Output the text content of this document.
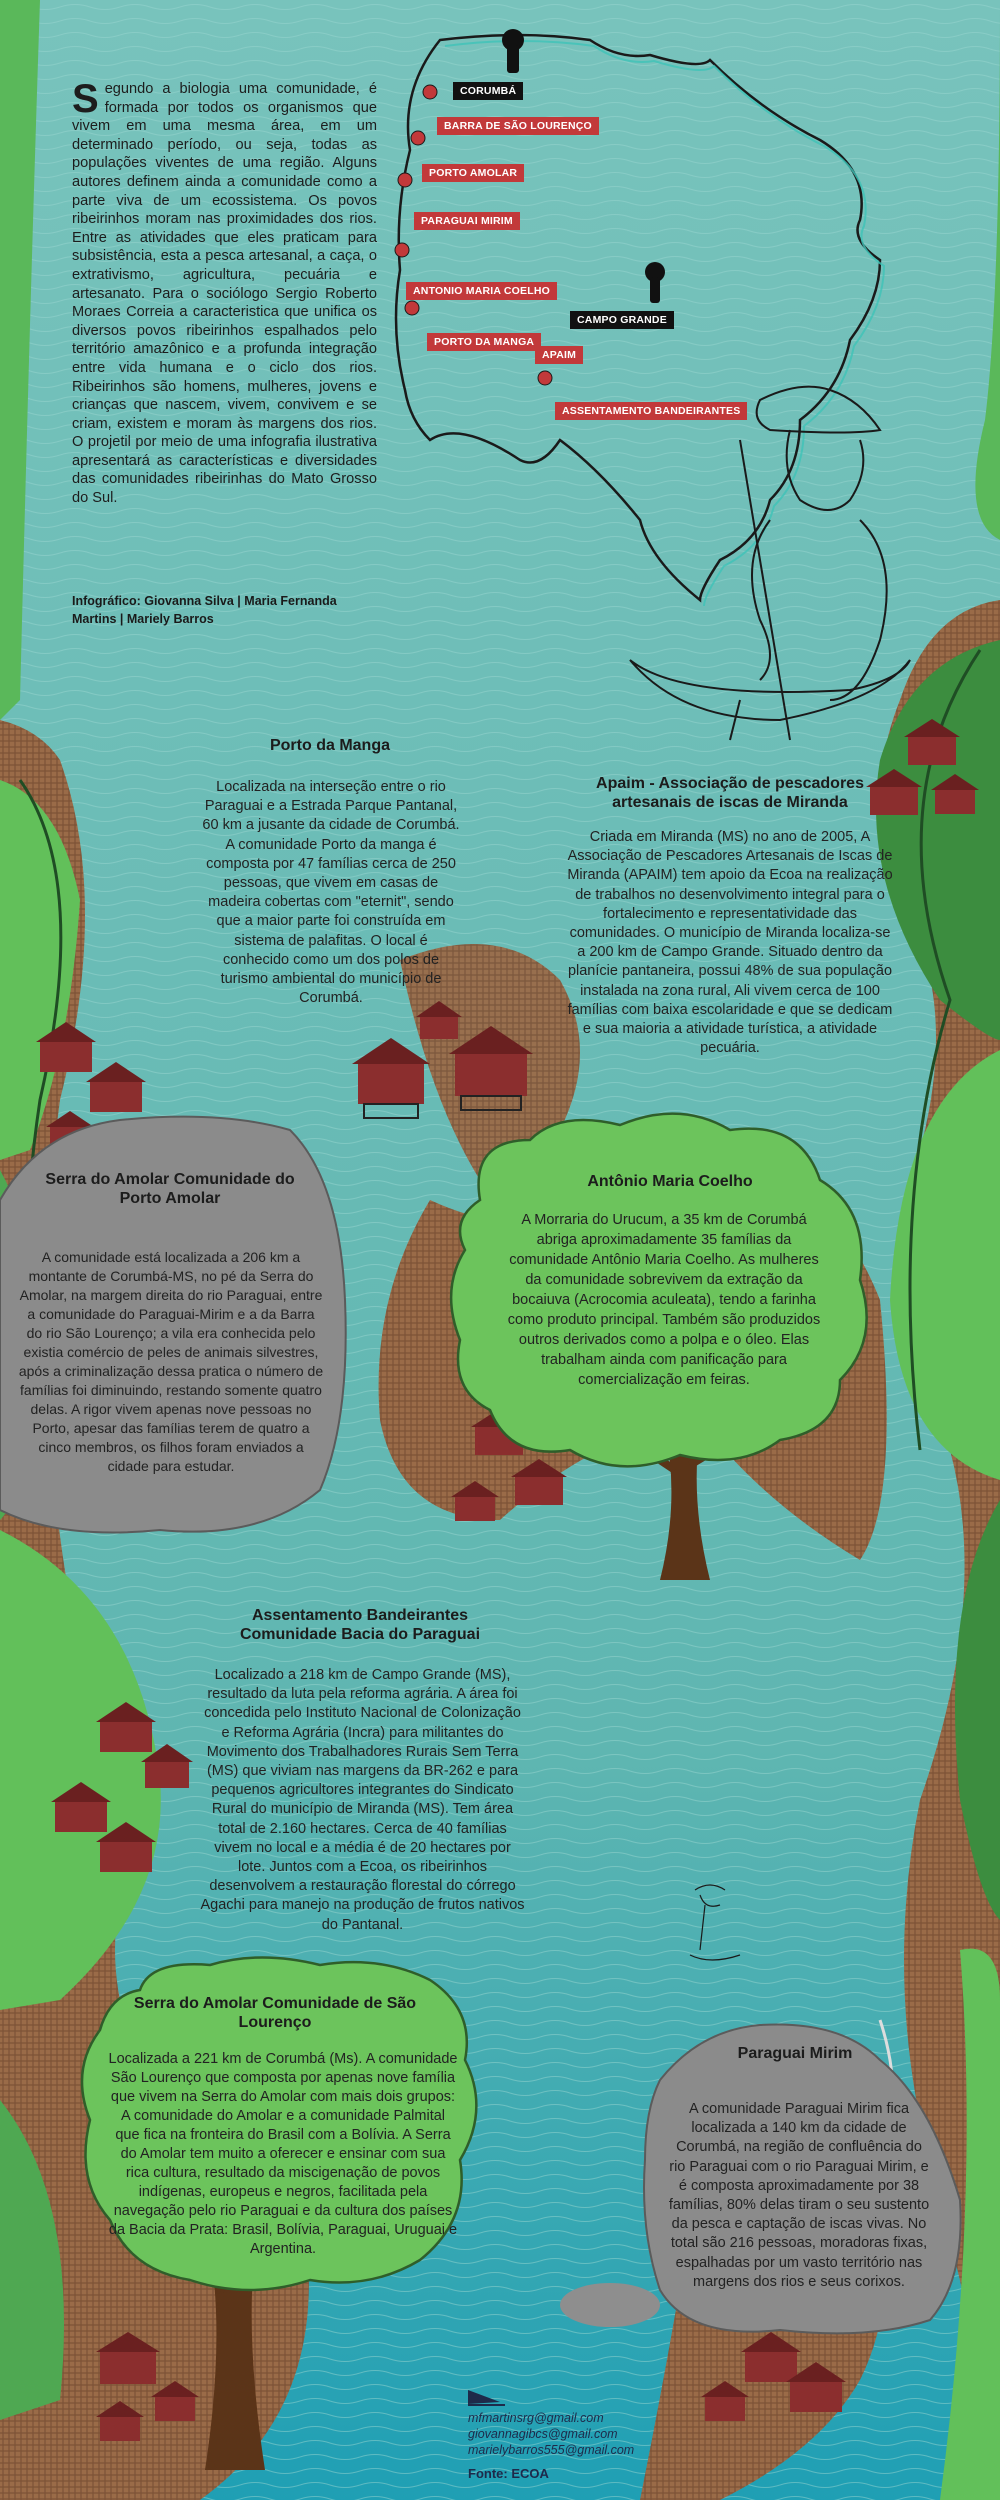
Segundo a biologia uma comunidade, é formada por todos os organismos que vivem em uma mesma área, em um determinado período, ou seja, todas as populações viventes de uma região. Alguns autores definem ainda a comunidade como a parte viva de um ecossistema. Os povos ribeirinhos moram nas proximidades dos rios. Entre as atividades que eles praticam para subsistência, esta a pesca artesanal, a caça, o extrativismo, agricultura, pecuária e artesanato. Para o sociólogo Sergio Roberto Moraes Correia a caracteristica que unifica os diversos povos ribeirinhos espalhados pelo território amazônico e a profunda integração entre vida humana e o ciclo dos rios. Ribeirinhos são homens, mulheres, jovens e crianças que nascem, vivem, convivem e se criam, existem e moram às margens dos rios. O projetil por meio de uma infografia ilustrativa apresentará as características e diversidades das comunidades ribeirinhas do Mato Grosso do Sul.
Infográfico: Giovanna Silva | Maria Fernanda Martins | Mariely Barros
CORUMBÁ
BARRA DE SÃO LOURENÇO
PORTO AMOLAR
PARAGUAI MIRIM
ANTONIO MARIA COELHO
CAMPO GRANDE
PORTO DA MANGA
APAIM
ASSENTAMENTO BANDEIRANTES
Porto da Manga
Localizada na interseção entre o rio Paraguai e a Estrada Parque Pantanal, 60 km a jusante da cidade de Corumbá. A comunidade Porto da manga é composta por 47 famílias cerca de 250 pessoas, que vivem em casas de madeira cobertas com "eternit", sendo que a maior parte foi construída em sistema de palafitas. O local é conhecido como um dos polos de turismo ambiental do município de Corumbá.
Apaim - Associação de pescadores artesanais de iscas de Miranda
Criada em Miranda (MS) no ano de 2005, A Associação de Pescadores Artesanais de Iscas de Miranda (APAIM) tem apoio da Ecoa na realização de trabalhos no desenvolvimento integral para o fortalecimento e representatividade das comunidades. O município de Miranda localiza-se a 200 km de Campo Grande. Situado dentro da planície pantaneira, possui 48% de sua população instalada na zona rural, Ali vivem cerca de 100 famílias com baixa escolaridade e que se dedicam e sua maioria a atividade turística, a atividade pecuária.
Serra do Amolar Comunidade do Porto Amolar
A comunidade está localizada a 206 km a montante de Corumbá-MS, no pé da Serra do Amolar, na margem direita do rio Paraguai, entre a comunidade do Paraguai-Mirim e a da Barra do rio São Lourenço; a vila era conhecida pelo existia comércio de peles de animais silvestres, após a criminalização dessa pratica o número de famílias foi diminuindo, restando somente quatro delas. A rigor vivem apenas nove pessoas no Porto, apesar das famílias terem de quatro a cinco membros, os filhos foram enviados a cidade para estudar.
Antônio Maria Coelho
A Morraria do Urucum, a 35 km de Corumbá abriga aproximadamente 35 famílias da comunidade Antônio Maria Coelho. As mulheres da comunidade sobrevivem da extração da bocaiuva (Acrocomia aculeata), tendo a farinha como produto principal. Também são produzidos outros derivados como a polpa e o óleo. Elas trabalham ainda com panificação para comercialização em feiras.
Assentamento Bandeirantes Comunidade Bacia do Paraguai
Localizado a 218 km de Campo Grande (MS), resultado da luta pela reforma agrária. A área foi concedida pelo Instituto Nacional de Colonização e Reforma Agrária (Incra) para militantes do Movimento dos Trabalhadores Rurais Sem Terra (MS) que viviam nas margens da BR-262 e para pequenos agricultores integrantes do Sindicato Rural do município de Miranda (MS). Tem área total de 2.160 hectares. Cerca de 40 famílias vivem no local e a média é de 20 hectares por lote. Juntos com a Ecoa, os ribeirinhos desenvolvem a restauração florestal do córrego Agachi para manejo na produção de frutos nativos do Pantanal.
Serra do Amolar Comunidade de São Lourenço
Localizada a 221 km de Corumbá (Ms). A comunidade São Lourenço que composta por apenas nove família que vivem na Serra do Amolar com mais dois grupos: A comunidade do Amolar e a comunidade Palmital que fica na fronteira do Brasil com a Bolívia. A Serra do Amolar tem muito a oferecer e ensinar com sua rica cultura, resultado da miscigenação de povos indígenas, europeus e negros, facilitada pela navegação pelo rio Paraguai e da cultura dos países da Bacia da Prata: Brasil, Bolívia, Paraguai, Uruguai e Argentina.
Paraguai Mirim
A comunidade Paraguai Mirim fica localizada a 140 km da cidade de Corumbá, na região de confluência do rio Paraguai com o rio Paraguai Mirim, e é composta aproximadamente por 38 famílias, 80% delas tiram o seu sustento da pesca e captação de iscas vivas. No total são 216 pessoas, moradoras fixas, espalhadas por um vasto território nas margens dos rios e seus corixos.
mfmartinsrg@gmail.com
giovannagibcs@gmail.com
marielybarros555@gmail.com
Fonte: ECOA
